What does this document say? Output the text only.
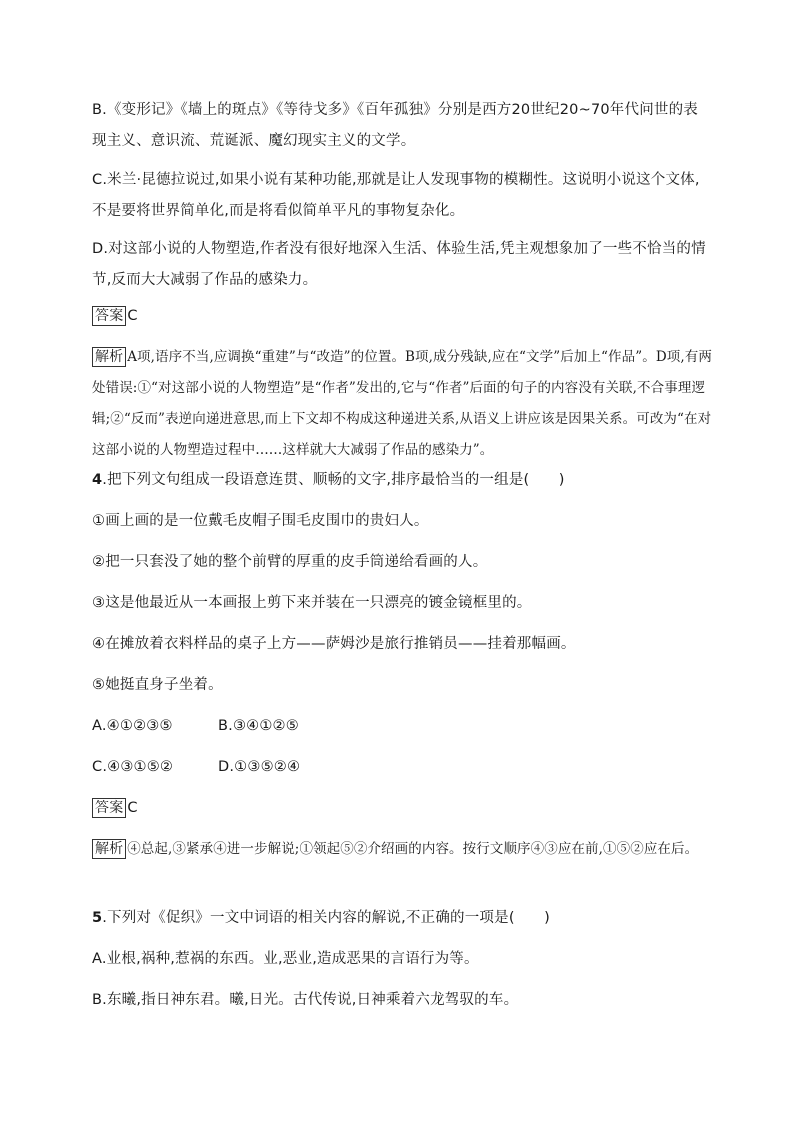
B.《变形记》《墙上的斑点》《等待戈多》《百年孤独》分别是西方20世纪20~70年代问世的表现主义、意识流、荒诞派、魔幻现实主义的文学。
C.米兰·昆德拉说过,如果小说有某种功能,那就是让人发现事物的模糊性。这说明小说这个文体,不是要将世界简单化,而是将看似简单平凡的事物复杂化。
D.对这部小说的人物塑造,作者没有很好地深入生活、体验生活,凭主观想象加了一些不恰当的情节,反而大大减弱了作品的感染力。
答案 C
解析 A项,语序不当,应调换“重建”与“改造”的位置。B项,成分残缺,应在“文学”后加上“作品”。D项,有两处错误:①“对这部小说的人物塑造”是“作者”发出的,它与“作者”后面的句子的内容没有关联,不合事理逻辑;②“反而”表逆向递进意思,而上下文却不构成这种递进关系,从语义上讲应该是因果关系。可改为“在对这部小说的人物塑造过程中……这样就大大减弱了作品的感染力”。
4.把下列文句组成一段语意连贯、顺畅的文字,排序最恰当的一组是(　　)
①画上画的是一位戴毛皮帽子围毛皮围巾的贵妇人。
②把一只套没了她的整个前臂的厚重的皮手筒递给看画的人。
③这是他最近从一本画报上剪下来并装在一只漂亮的镀金镜框里的。
④在摊放着衣料样品的桌子上方——萨姆沙是旅行推销员——挂着那幅画。
⑤她挺直身子坐着。
A.④①②③⑤	B.③④①②⑤
C.④③①⑤②	D.①③⑤②④
答案 C
解析 ④总起,③紧承④进一步解说;①领起⑤②介绍画的内容。按行文顺序④③应在前,①⑤②应在后。
5.下列对《促织》一文中词语的相关内容的解说,不正确的一项是(　　)
A.业根,祸种,惹祸的东西。业,恶业,造成恶果的言语行为等。
B.东曦,指日神东君。曦,日光。古代传说,日神乘着六龙驾驭的车。
